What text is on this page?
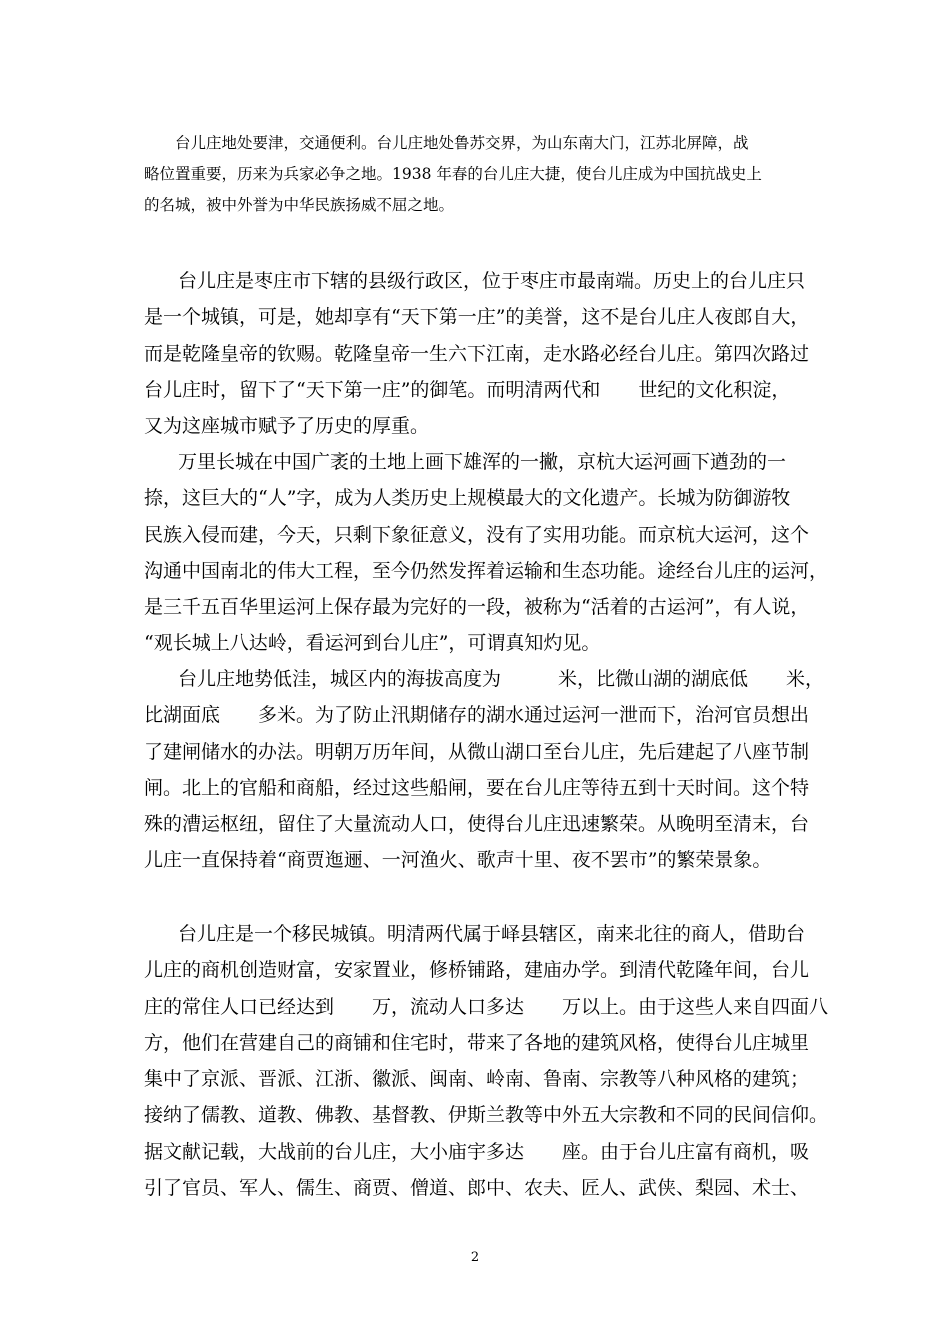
台儿庄地处要津，交通便利。台儿庄地处鲁苏交界，为山东南大门，江苏北屏障，战
略位置重要，历来为兵家必争之地。1938 年春的台儿庄大捷，使台儿庄成为中国抗战史上
的名城，被中外誉为中华民族扬威不屈之地。

台儿庄是枣庄市下辖的县级行政区，位于枣庄市最南端。历史上的台儿庄只
是一个城镇，可是，她却享有“天下第一庄”的美誉，这不是台儿庄人夜郎自大，
而是乾隆皇帝的钦赐。乾隆皇帝一生六下江南，走水路必经台儿庄。第四次路过
台儿庄时，留下了“天下第一庄”的御笔。而明清两代和　　世纪的文化积淀，
又为这座城市赋予了历史的厚重。

万里长城在中国广袤的土地上画下雄浑的一撇，京杭大运河画下遒劲的一
捺，这巨大的“人”字，成为人类历史上规模最大的文化遗产。长城为防御游牧
民族入侵而建，今天，只剩下象征意义，没有了实用功能。而京杭大运河，这个
沟通中国南北的伟大工程，至今仍然发挥着运输和生态功能。途经台儿庄的运河，
是三千五百华里运河上保存最为完好的一段，被称为“活着的古运河”，有人说，
“观长城上八达岭，看运河到台儿庄”，可谓真知灼见。

台儿庄地势低洼，城区内的海拔高度为　　　米，比微山湖的湖底低　　米，
比湖面底　　多米。为了防止汛期储存的湖水通过运河一泄而下，治河官员想出
了建闸储水的办法。明朝万历年间，从微山湖口至台儿庄，先后建起了八座节制
闸。北上的官船和商船，经过这些船闸，要在台儿庄等待五到十天时间。这个特
殊的漕运枢纽，留住了大量流动人口，使得台儿庄迅速繁荣。从晚明至清末，台
儿庄一直保持着“商贾迤逦、一河渔火、歌声十里、夜不罢市”的繁荣景象。

台儿庄是一个移民城镇。明清两代属于峄县辖区，南来北往的商人，借助台
儿庄的商机创造财富，安家置业，修桥铺路，建庙办学。到清代乾隆年间，台儿
庄的常住人口已经达到　　万，流动人口多达　　万以上。由于这些人来自四面八
方，他们在营建自己的商铺和住宅时，带来了各地的建筑风格，使得台儿庄城里
集中了京派、晋派、江浙、徽派、闽南、岭南、鲁南、宗教等八种风格的建筑；
接纳了儒教、道教、佛教、基督教、伊斯兰教等中外五大宗教和不同的民间信仰。
据文献记载，大战前的台儿庄，大小庙宇多达　　座。由于台儿庄富有商机，吸
引了官员、军人、儒生、商贾、僧道、郎中、农夫、匠人、武侠、梨园、术士、

2
